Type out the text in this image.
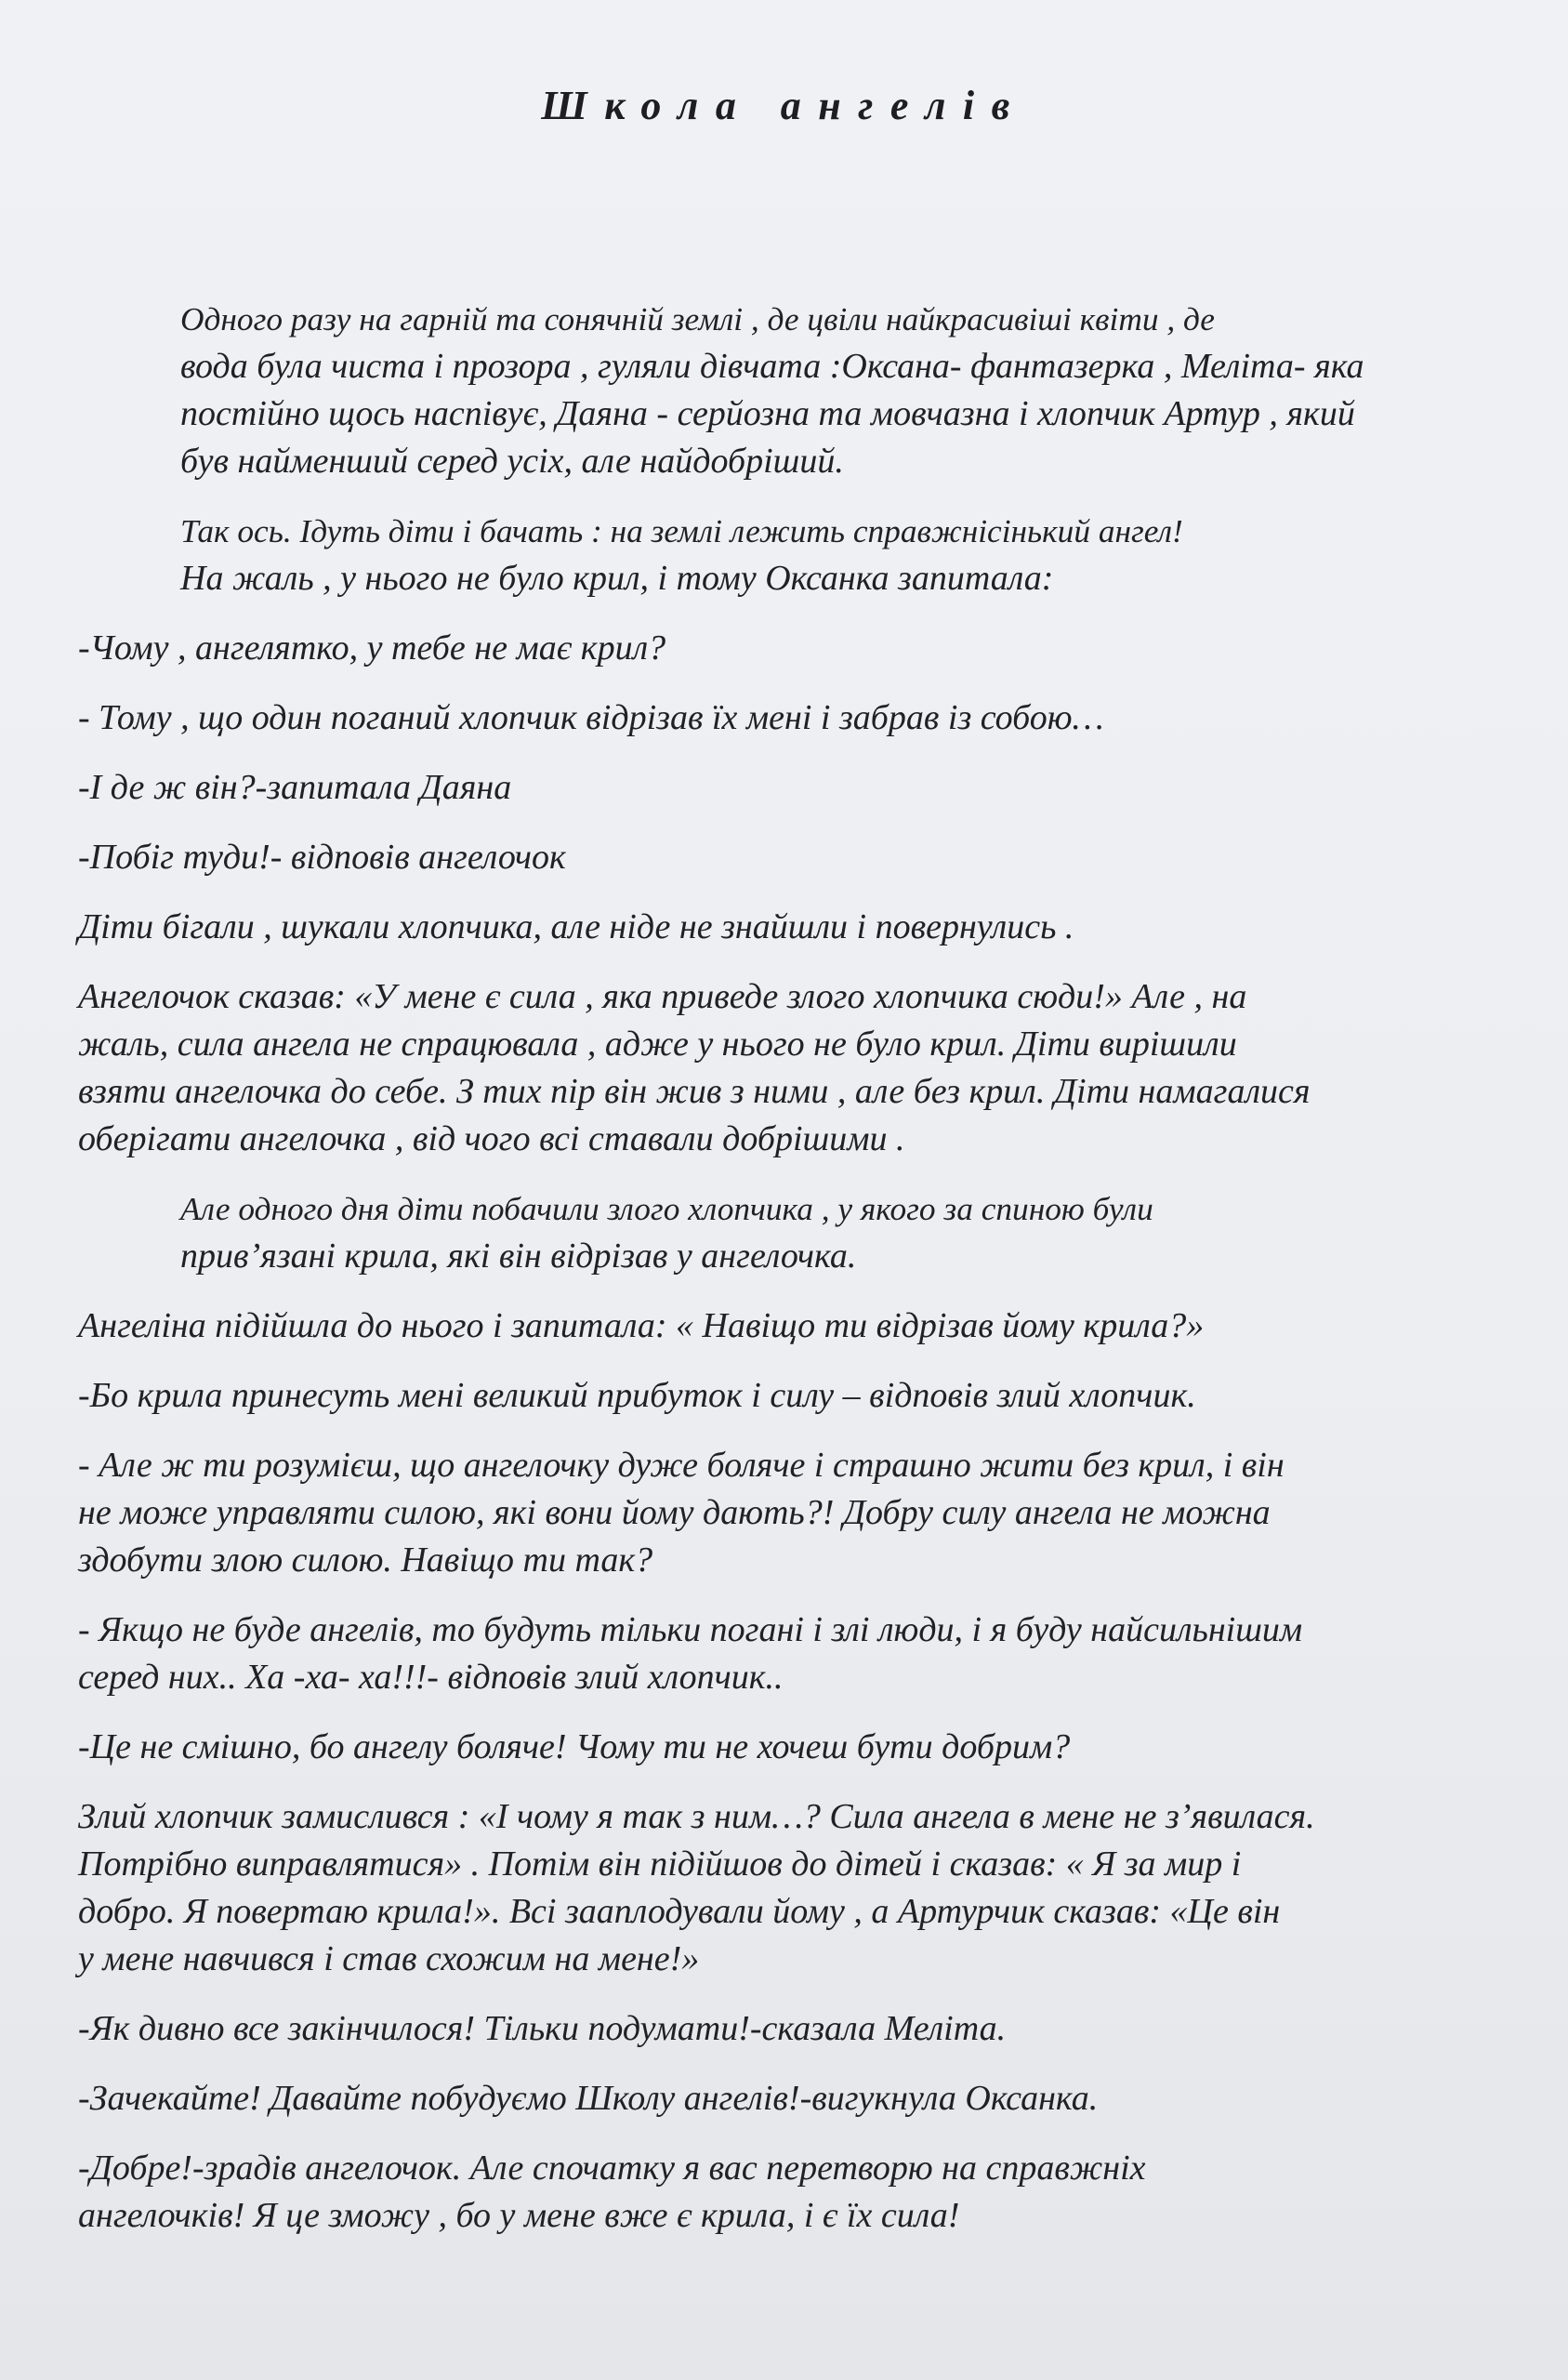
Школа ангелів

Одного разу на гарній та сонячній землі , де цвіли найкрасивіші квіти , де
вода була чиста і прозора , гуляли дівчата :Оксана- фантазерка , Меліта- яка
постійно щось наспівує, Даяна - серйозна та мовчазна і хлопчик Артур , який
був найменший серед усіх, але найдобріший.

Так ось. Ідуть діти і бачать : на землі лежить справжнісінький ангел!
На жаль , у нього не було крил, і тому Оксанка запитала:

-Чому , ангелятко, у тебе не має крил?

- Тому , що один поганий хлопчик відрізав їх мені і забрав із собою…

-І де ж він?-запитала Даяна

-Побіг туди!- відповів ангелочок

Діти бігали , шукали хлопчика, але ніде не знайшли і повернулись .

Ангелочок сказав: «У мене є сила , яка приведе злого хлопчика сюди!» Але , на
жаль, сила ангела не спрацювала , адже у нього не було крил. Діти вирішили
взяти ангелочка до себе. З тих пір він жив з ними , але без крил. Діти намагалися
оберігати ангелочка , від чого всі ставали добрішими .

Але одного дня діти побачили злого хлопчика , у якого за спиною були
прив’язані крила, які він відрізав у ангелочка.

Ангеліна підійшла до нього і запитала: « Навіщо ти відрізав йому крила?»

-Бо крила принесуть мені великий прибуток і силу – відповів злий хлопчик.

- Але ж ти розумієш, що ангелочку дуже боляче і страшно жити без крил, і він
не може управляти силою, які вони йому дають?! Добру силу ангела не можна
здобути злою силою. Навіщо ти так?

- Якщо не буде ангелів, то будуть тільки погані і злі люди, і я буду найсильнішим
серед них.. Ха -ха- ха!!!- відповів злий хлопчик..

-Це не смішно, бо ангелу боляче! Чому ти не хочеш бути добрим?

Злий хлопчик замислився : «І чому я так з ним…? Сила ангела в мене не з’явилася.
Потрібно виправлятися» . Потім він підійшов до дітей і сказав: « Я за мир і
добро. Я повертаю крила!». Всі зааплодували йому , а Артурчик сказав: «Це він
у мене навчився і став схожим на мене!»

-Як дивно все закінчилося! Тільки подумати!-сказала Меліта.

-Зачекайте! Давайте побудуємо Школу ангелів!-вигукнула Оксанка.

-Добре!-зрадів ангелочок. Але спочатку я вас перетворю на справжніх
ангелочків! Я це зможу , бо у мене вже є крила, і є їх сила!
